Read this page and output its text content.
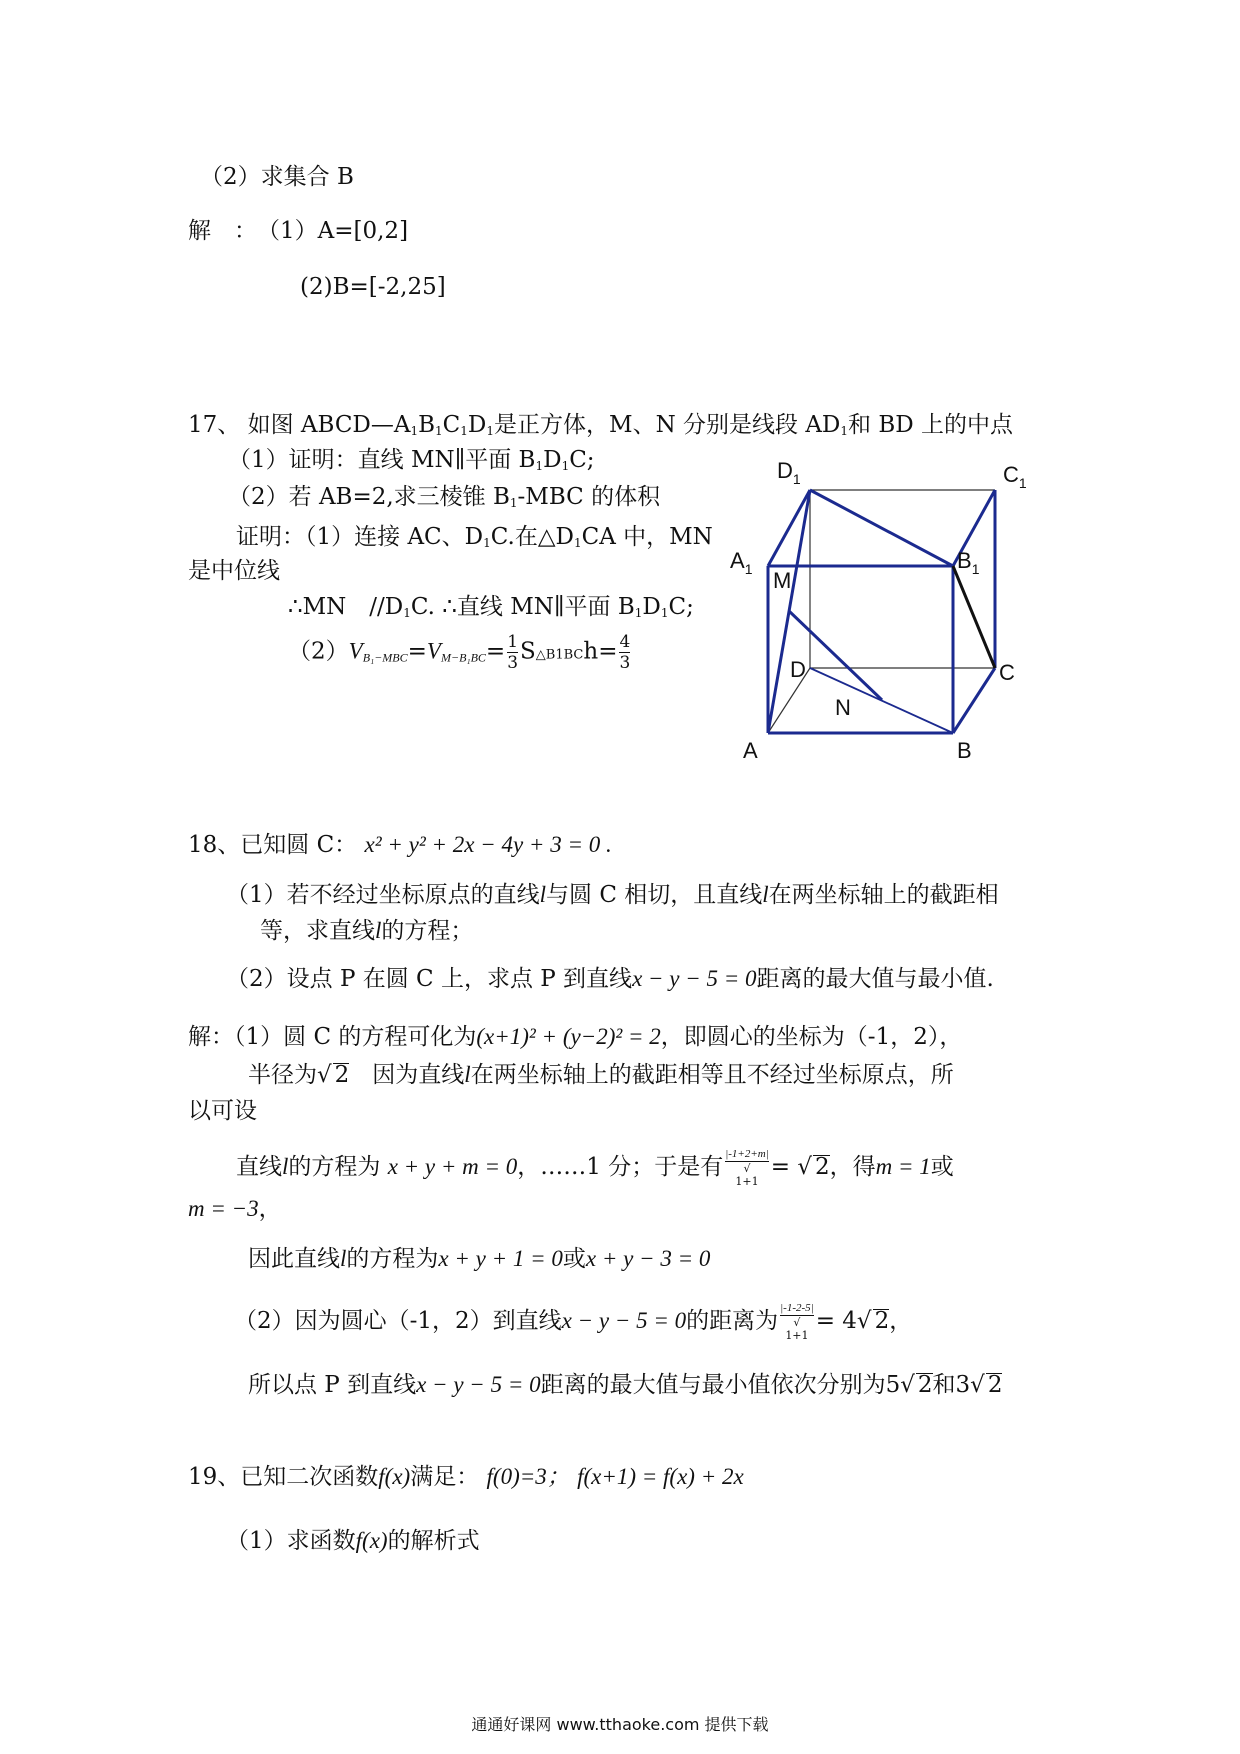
（2）求集合 B
解　：　（1）A=[0,2]
(2)B=[-2,25]
17、 如图 $ABCD—A_1B_1C_1D_1$是正方体，M、N 分别是线段 $AD_1$和 BD 上的中点
（1）证明：直线 MN∥平面 $B_1D_1C$;
（2）若 AB=2,求三棱锥 $B_1$-MBC 的体积
证明：（1）连接 AC、$D_1C$.在$\triangle D_1CA$ 中，MN
是中位线
∴MN　$//D_1C$. ∴直线 MN∥平面 $B_1D_1C$;
$(2)V_{B_1-MBC}=V_{M-B_1BC}= \frac{1}{3}$ S△B1BCh= $\frac{4}{3}$
$D_1$	$C_1$
$A_1$	$B_1$
M
D	C
N
A	B
18、已知圆 C： x² + y² + 2x − 4y + 3 = 0 .
（1）若不经过坐标原点的直线l与圆 C 相切，且直线l在两坐标轴上的截距相
等，求直线l的方程；
（2）设点 P 在圆 C 上，求点 P 到直线x − y − 5 = 0距离的最大值与最小值.
解：（1）圆 C 的方程可化为(x+1)² + (y−2)² = 2，即圆心的坐标为（-1，2），
半径为√ 2　因为直线l在两坐标轴上的截距相等且不经过坐标原点，所
以可设
直线l的方程为 x + y + m = 0，……1 分；于是有 |-1+2+m|
√
1+1 = √ 2，得m = 1或
m = −3，
因此直线l的方程为x + y + 1 = 0或x + y − 3 = 0
（2）因为圆心（-1，2）到直线x − y − 5 = 0的距离为 |-1-2-5|
√
1+1 = 4√ 2，
所以点 P 到直线x − y − 5 = 0距离的最大值与最小值依次分别为5√ 2和3√ 2
19、已知二次函数f(x)满足： f(0)=3； f(x+1) = f(x) + 2x
（1）求函数f(x)的解析式
通通好课网 www.tthaoke.com 提供下载
